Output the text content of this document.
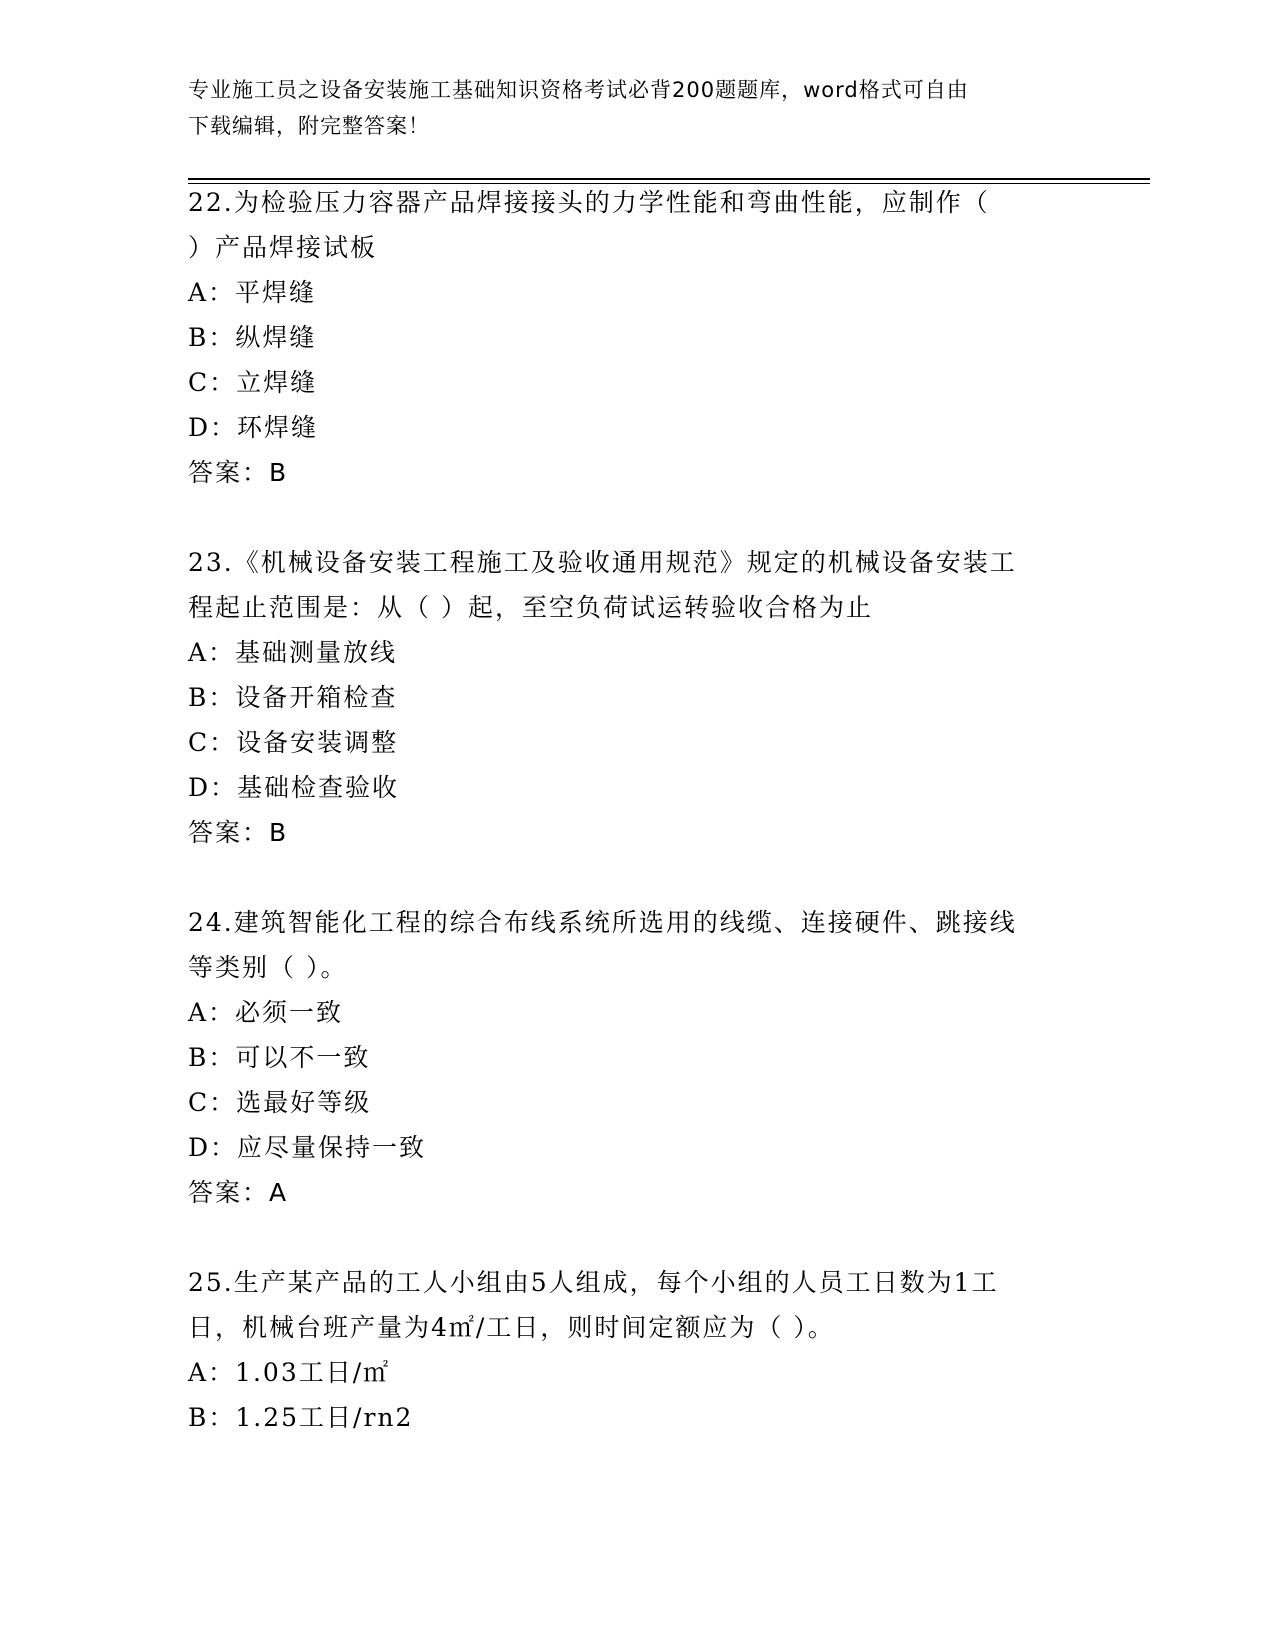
专业施工员之设备安装施工基础知识资格考试必背200题题库，word格式可自由
下载编辑，附完整答案！

22.为检验压力容器产品焊接接头的力学性能和弯曲性能，应制作（

）产品焊接试板

A：平焊缝

B：纵焊缝

C：立焊缝

D：环焊缝

答案：B

23.《机械设备安装工程施工及验收通用规范》规定的机械设备安装工

程起止范围是：从（ ）起，至空负荷试运转验收合格为止

A：基础测量放线

B：设备开箱检查

C：设备安装调整

D：基础检查验收

答案：B

24.建筑智能化工程的综合布线系统所选用的线缆、连接硬件、跳接线

等类别（ ）。

A：必须一致

B：可以不一致

C：选最好等级

D：应尽量保持一致

答案：A

25.生产某产品的工人小组由5人组成，每个小组的人员工日数为1工

日，机械台班产量为4㎡/工日，则时间定额应为（ ）。

A：1.03工日/㎡

B：1.25工日/rn2
